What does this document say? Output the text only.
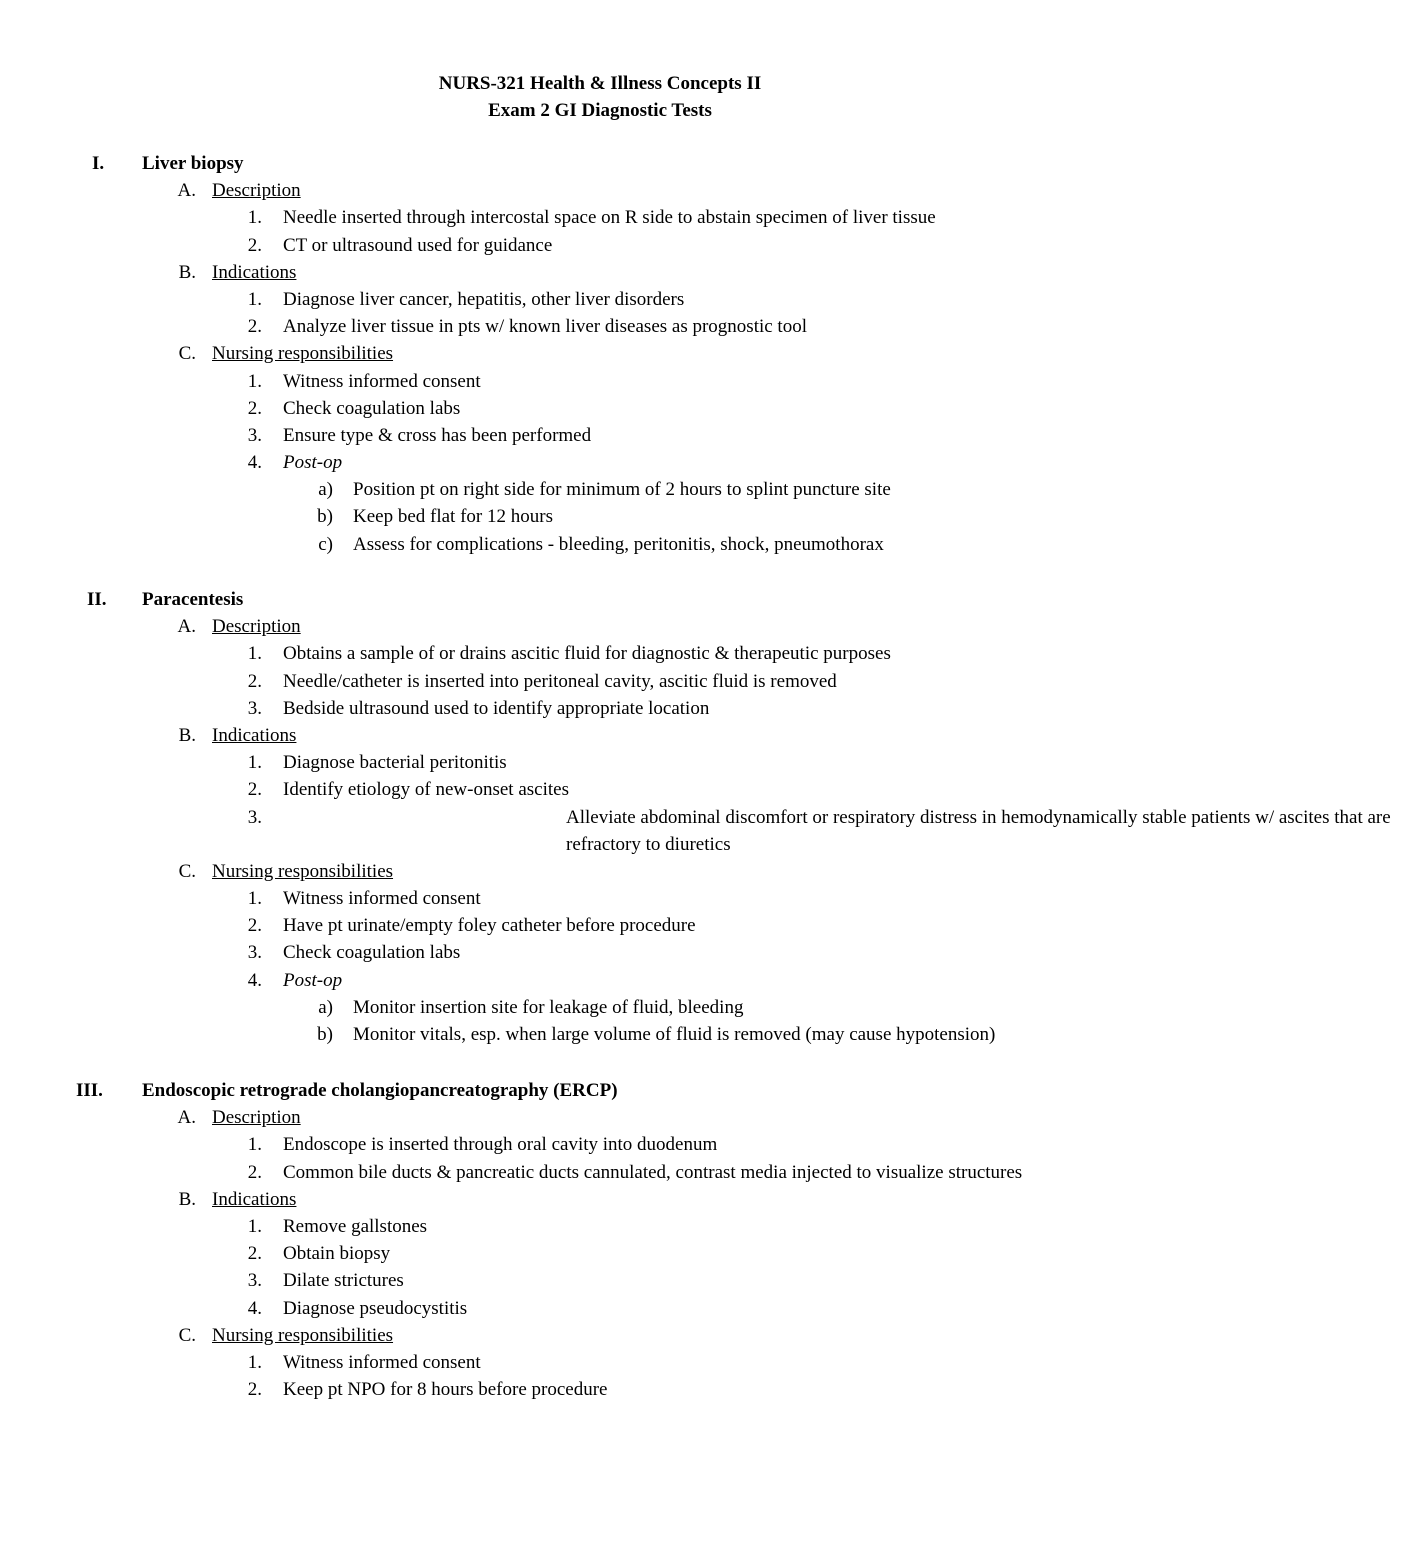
NURS-321 Health & Illness Concepts II
Exam 2 GI Diagnostic Tests
I.	Liver biopsy
A. Description
1. Needle inserted through intercostal space on R side to abstain specimen of liver tissue
2. CT or ultrasound used for guidance
B. Indications
1. Diagnose liver cancer, hepatitis, other liver disorders
2. Analyze liver tissue in pts w/ known liver diseases as prognostic tool
C. Nursing responsibilities
1. Witness informed consent
2. Check coagulation labs
3. Ensure type & cross has been performed
4. Post-op
a) Position pt on right side for minimum of 2 hours to splint puncture site
b) Keep bed flat for 12 hours
c) Assess for complications - bleeding, peritonitis, shock, pneumothorax
II.	Paracentesis
A. Description
1. Obtains a sample of or drains ascitic fluid for diagnostic & therapeutic purposes
2. Needle/catheter is inserted into peritoneal cavity, ascitic fluid is removed
3. Bedside ultrasound used to identify appropriate location
B. Indications
1. Diagnose bacterial peritonitis
2. Identify etiology of new-onset ascites
3.	Alleviate abdominal discomfort or respiratory distress in hemodynamically stable patients w/ ascites that are refractory to diuretics
C. Nursing responsibilities
1. Witness informed consent
2. Have pt urinate/empty foley catheter before procedure
3. Check coagulation labs
4. Post-op
a) Monitor insertion site for leakage of fluid, bleeding
b) Monitor vitals, esp. when large volume of fluid is removed (may cause hypotension)
III.	Endoscopic retrograde cholangiopancreatography (ERCP)
A. Description
1. Endoscope is inserted through oral cavity into duodenum
2. Common bile ducts & pancreatic ducts cannulated, contrast media injected to visualize structures
B. Indications
1. Remove gallstones
2. Obtain biopsy
3. Dilate strictures
4. Diagnose pseudocystitis
C. Nursing responsibilities
1. Witness informed consent
2. Keep pt NPO for 8 hours before procedure
